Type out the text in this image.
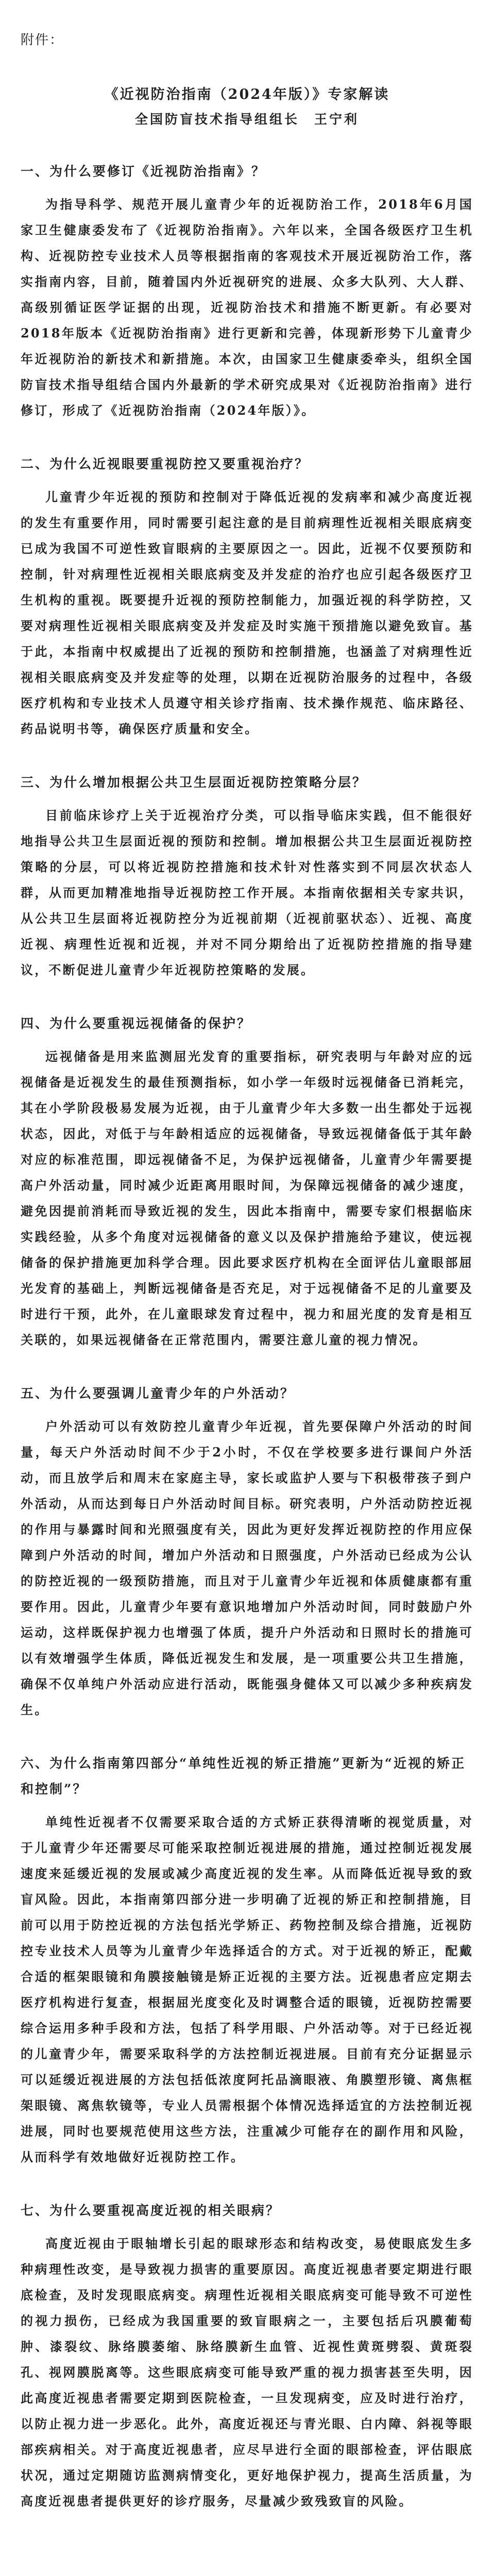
附件：
《近视防治指南（2024年版）》专家解读
全国防盲技术指导组组长　王宁利
一、为什么要修订《近视防治指南》？
为指导科学、规范开展儿童青少年的近视防治工作，2018年6月国家卫生健康委发布了《近视防治指南》。六年以来，全国各级医疗卫生机构、近视防控专业技术人员等根据指南的客观技术开展近视防治工作，落实指南内容，目前，随着国内外近视研究的进展、众多大队列、大人群、高级别循证医学证据的出现，近视防治技术和措施不断更新。有必要对2018年版本《近视防治指南》进行更新和完善，体现新形势下儿童青少年近视防治的新技术和新措施。本次，由国家卫生健康委牵头，组织全国防盲技术指导组结合国内外最新的学术研究成果对《近视防治指南》进行修订，形成了《近视防治指南（2024年版）》。
二、为什么近视眼要重视防控又要重视治疗？
儿童青少年近视的预防和控制对于降低近视的发病率和减少高度近视的发生有重要作用，同时需要引起注意的是目前病理性近视相关眼底病变已成为我国不可逆性致盲眼病的主要原因之一。因此，近视不仅要预防和控制，针对病理性近视相关眼底病变及并发症的治疗也应引起各级医疗卫生机构的重视。既要提升近视的预防控制能力，加强近视的科学防控，又要对病理性近视相关眼底病变及并发症及时实施干预措施以避免致盲。基于此，本指南中权威提出了近视的预防和控制措施，也涵盖了对病理性近视相关眼底病变及并发症等的处理，以期在近视防治服务的过程中，各级医疗机构和专业技术人员遵守相关诊疗指南、技术操作规范、临床路径、药品说明书等，确保医疗质量和安全。
三、为什么增加根据公共卫生层面近视防控策略分层？
目前临床诊疗上关于近视治疗分类，可以指导临床实践，但不能很好地指导公共卫生层面近视的预防和控制。增加根据公共卫生层面近视防控策略的分层，可以将近视防控措施和技术针对性落实到不同层次状态人群，从而更加精准地指导近视防控工作开展。本指南依据相关专家共识，从公共卫生层面将近视防控分为近视前期（近视前驱状态）、近视、高度近视、病理性近视和近视，并对不同分期给出了近视防控措施的指导建议，不断促进儿童青少年近视防控策略的发展。
四、为什么要重视远视储备的保护？
远视储备是用来监测屈光发育的重要指标，研究表明与年龄对应的远视储备是近视发生的最佳预测指标，如小学一年级时远视储备已消耗完，其在小学阶段极易发展为近视，由于儿童青少年大多数一出生都处于远视状态，因此，对低于与年龄相适应的远视储备，导致远视储备低于其年龄对应的标准范围，即远视储备不足，为保护远视储备，儿童青少年需要提高户外活动量，同时减少近距离用眼时间，为保障远视储备的减少速度，避免因提前消耗而导致近视的发生，因此本指南中，需要专家们根据临床实践经验，从多个角度对远视储备的意义以及保护措施给予建议，使远视储备的保护措施更加科学合理。因此要求医疗机构在全面评估儿童眼部屈光发育的基础上，判断远视储备是否充足，对于远视储备不足的儿童要及时进行干预，此外，在儿童眼球发育过程中，视力和屈光度的发育是相互关联的，如果远视储备在正常范围内，需要注意儿童的视力情况。
五、为什么要强调儿童青少年的户外活动？
户外活动可以有效防控儿童青少年近视，首先要保障户外活动的时间量，每天户外活动时间不少于2小时，不仅在学校要多进行课间户外活动，而且放学后和周末在家庭主导，家长或监护人要与下积极带孩子到户外活动，从而达到每日户外活动时间目标。研究表明，户外活动防控近视的作用与暴露时间和光照强度有关，因此为更好发挥近视防控的作用应保障到户外活动的时间，增加户外活动和日照强度，户外活动已经成为公认的防控近视的一级预防措施，而且对于儿童青少年近视和体质健康都有重要作用。因此，儿童青少年要有意识地增加户外活动时间，同时鼓励户外运动，这样既保护视力也增强了体质，提升户外活动和日照时长的措施可以有效增强学生体质，降低近视发生和发展，是一项重要公共卫生措施，确保不仅单纯户外活动应进行活动，既能强身健体又可以减少多种疾病发生。
六、为什么指南第四部分“单纯性近视的矫正措施”更新为“近视的矫正和控制”？
单纯性近视者不仅需要采取合适的方式矫正获得清晰的视觉质量，对于儿童青少年还需要尽可能采取控制近视进展的措施，通过控制近视发展速度来延缓近视的发展或减少高度近视的发生率。从而降低近视导致的致盲风险。因此，本指南第四部分进一步明确了近视的矫正和控制措施，目前可以用于防控近视的方法包括光学矫正、药物控制及综合措施，近视防控专业技术人员等为儿童青少年选择适合的方式。对于近视的矫正，配戴合适的框架眼镜和角膜接触镜是矫正近视的主要方法。近视患者应定期去医疗机构进行复查，根据屈光度变化及时调整合适的眼镜，近视防控需要综合运用多种手段和方法，包括了科学用眼、户外活动等。对于已经近视的儿童青少年，需要采取科学的方法控制近视进展。目前有充分证据显示可以延缓近视进展的方法包括低浓度阿托品滴眼液、角膜塑形镜、离焦框架眼镜、离焦软镜等，专业人员需根据个体情况选择适宜的方法控制近视进展，同时也要规范使用这些方法，注重减少可能存在的副作用和风险，从而科学有效地做好近视防控工作。
七、为什么要重视高度近视的相关眼病？
高度近视由于眼轴增长引起的眼球形态和结构改变，易使眼底发生多种病理性改变，是导致视力损害的重要原因。高度近视患者要定期进行眼底检查，及时发现眼底病变。病理性近视相关眼底病变可能导致不可逆性的视力损伤，已经成为我国重要的致盲眼病之一，主要包括后巩膜葡萄肿、漆裂纹、脉络膜萎缩、脉络膜新生血管、近视性黄斑劈裂、黄斑裂孔、视网膜脱离等。这些眼底病变可能导致严重的视力损害甚至失明，因此高度近视患者需要定期到医院检查，一旦发现病变，应及时进行治疗，以防止视力进一步恶化。此外，高度近视还与青光眼、白内障、斜视等眼部疾病相关。对于高度近视患者，应尽早进行全面的眼部检查，评估眼底状况，通过定期随访监测病情变化，更好地保护视力，提高生活质量，为高度近视患者提供更好的诊疗服务，尽量减少致残致盲的风险。
